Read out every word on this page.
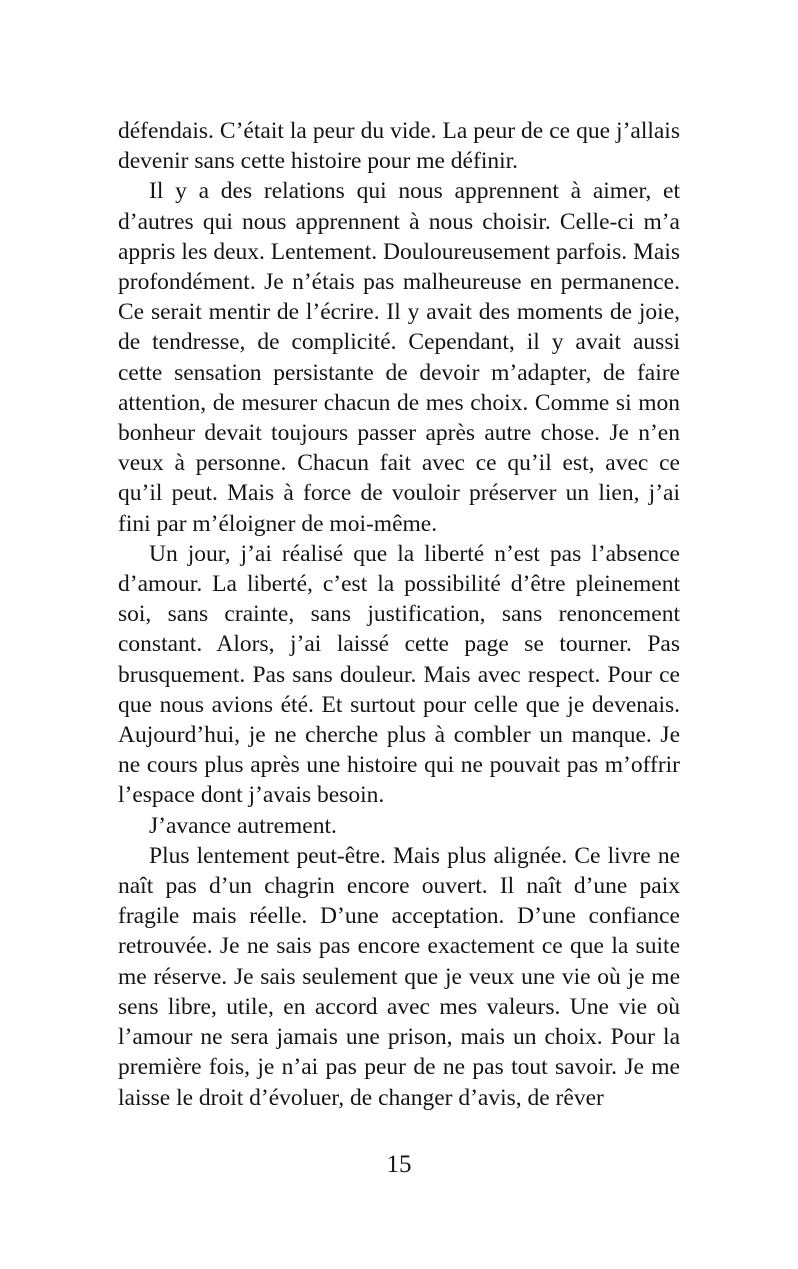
défendais. C’était la peur du vide. La peur de ce que j’allais devenir sans cette histoire pour me définir.

Il y a des relations qui nous apprennent à aimer, et d’autres qui nous apprennent à nous choisir. Celle-ci m’a appris les deux. Lentement. Douloureusement parfois. Mais profondément. Je n’étais pas malheureuse en permanence. Ce serait mentir de l’écrire. Il y avait des moments de joie, de tendresse, de complicité. Cependant, il y avait aussi cette sensation persistante de devoir m’adapter, de faire attention, de mesurer chacun de mes choix. Comme si mon bonheur devait toujours passer après autre chose. Je n’en veux à personne. Chacun fait avec ce qu’il est, avec ce qu’il peut. Mais à force de vouloir préserver un lien, j’ai fini par m’éloigner de moi-même.

Un jour, j’ai réalisé que la liberté n’est pas l’absence d’amour. La liberté, c’est la possibilité d’être pleinement soi, sans crainte, sans justification, sans renoncement constant. Alors, j’ai laissé cette page se tourner. Pas brusquement. Pas sans douleur. Mais avec respect. Pour ce que nous avions été. Et surtout pour celle que je devenais. Aujourd’hui, je ne cherche plus à combler un manque. Je ne cours plus après une histoire qui ne pouvait pas m’offrir l’espace dont j’avais besoin.

J’avance autrement.

Plus lentement peut-être. Mais plus alignée. Ce livre ne naît pas d’un chagrin encore ouvert. Il naît d’une paix fragile mais réelle. D’une acceptation. D’une confiance retrouvée. Je ne sais pas encore exactement ce que la suite me réserve. Je sais seulement que je veux une vie où je me sens libre, utile, en accord avec mes valeurs. Une vie où l’amour ne sera jamais une prison, mais un choix. Pour la première fois, je n’ai pas peur de ne pas tout savoir. Je me laisse le droit d’évoluer, de changer d’avis, de rêver

15
